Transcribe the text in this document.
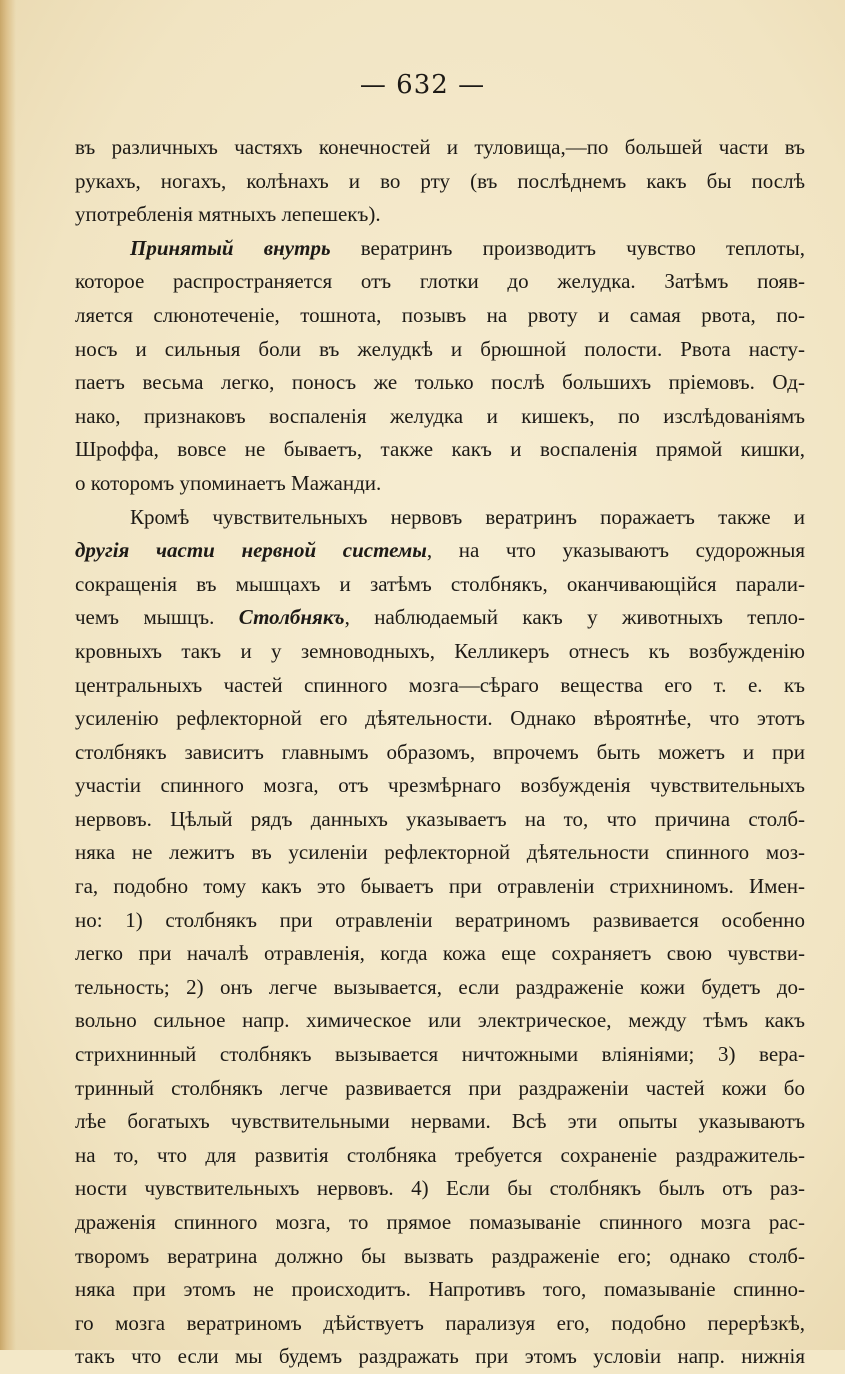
— 632 —
въ различныхъ частяхъ конечностей и туловища,—по большей части въ
рукахъ, ногахъ, колѣнахъ и во рту (въ послѣднемъ какъ бы послѣ
употребленія мятныхъ лепешекъ).
Принятый внутрь вератринъ производитъ чувство теплоты,
которое распространяется отъ глотки до желудка. Затѣмъ появ-
ляется слюнотеченіе, тошнота, позывъ на рвоту и самая рвота, по-
носъ и сильныя боли въ желудкѣ и брюшной полости. Рвота насту-
паетъ весьма легко, поносъ же только послѣ большихъ пріемовъ. Од-
нако, признаковъ воспаленія желудка и кишекъ, по изслѣдованіямъ
Шроффа, вовсе не бываетъ, также какъ и воспаленія прямой кишки,
о которомъ упоминаетъ Мажанди.
Кромѣ чувствительныхъ нервовъ вератринъ поражаетъ также и
другія части нервной системы, на что указываютъ судорожныя
сокращенія въ мышцахъ и затѣмъ столбнякъ, оканчивающійся парали-
чемъ мышцъ. Столбнякъ, наблюдаемый какъ у животныхъ тепло-
кровныхъ такъ и у земноводныхъ, Келликеръ отнесъ къ возбужденію
центральныхъ частей спинного мозга—сѣраго вещества его т. е. къ
усиленію рефлекторной его дѣятельности. Однако вѣроятнѣе, что этотъ
столбнякъ зависитъ главнымъ образомъ, впрочемъ быть можетъ и при
участіи спинного мозга, отъ чрезмѣрнаго возбужденія чувствительныхъ
нервовъ. Цѣлый рядъ данныхъ указываетъ на то, что причина столб-
няка не лежитъ въ усиленіи рефлекторной дѣятельности спинного моз-
га, подобно тому какъ это бываетъ при отравленіи стрихниномъ. Имен-
но: 1) столбнякъ при отравленіи вератриномъ развивается особенно
легко при началѣ отравленія, когда кожа еще сохраняетъ свою чувстви-
тельность; 2) онъ легче вызывается, если раздраженіе кожи будетъ до-
вольно сильное напр. химическое или электрическое, между тѣмъ какъ
стрихнинный столбнякъ вызывается ничтожными вліяніями; 3) вера-
тринный столбнякъ легче развивается при раздраженіи частей кожи бо
лѣе богатыхъ чувствительными нервами. Всѣ эти опыты указываютъ
на то, что для развитія столбняка требуется сохраненіе раздражитель-
ности чувствительныхъ нервовъ. 4) Если бы столбнякъ былъ отъ раз-
драженія спинного мозга, то прямое помазываніе спинного мозга рас-
творомъ вератрина должно бы вызвать раздраженіе его; однако столб-
няка при этомъ не происходитъ. Напротивъ того, помазываніе спинно-
го мозга вератриномъ дѣйствуетъ парализуя его, подобно перерѣзкѣ,
такъ что если мы будемъ раздражать при этомъ условіи напр. нижнія
